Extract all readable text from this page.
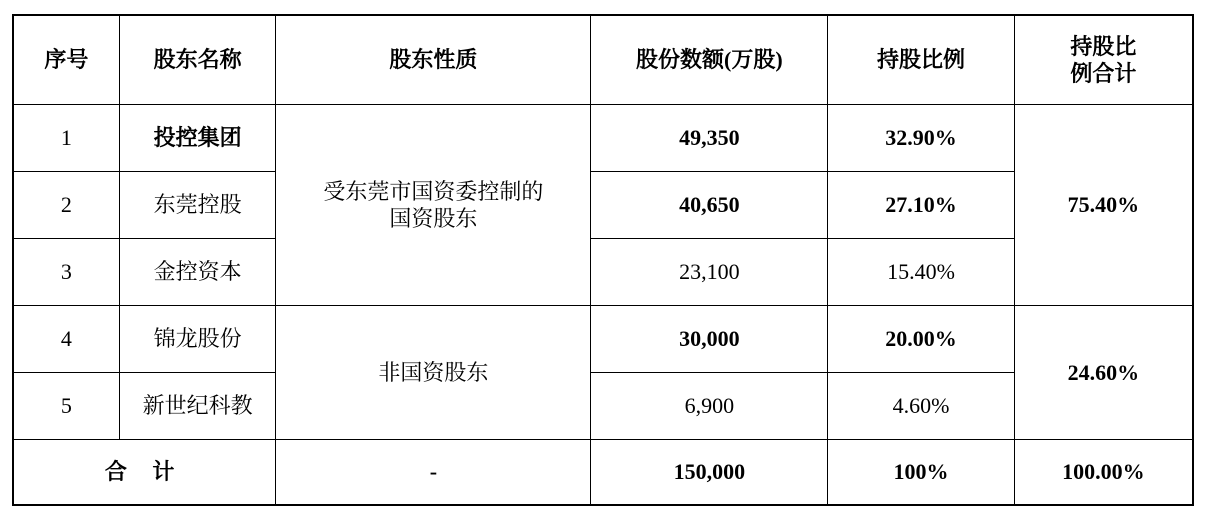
序号	股东名称	股东性质	股份数额(万股)	持股比例	持股比
例合计

1	投控集团	受东莞市国资委控制的
国资股东	49,350	32.90%	75.40%
2	东莞控股		40,650	27.10%	
3	金控资本		23,100	15.40%	
4	锦龙股份	非国资股东	30,000	20.00%	24.60%
5	新世纪科教		6,900	4.60%	
合 计		-	150,000	100%	100.00%
